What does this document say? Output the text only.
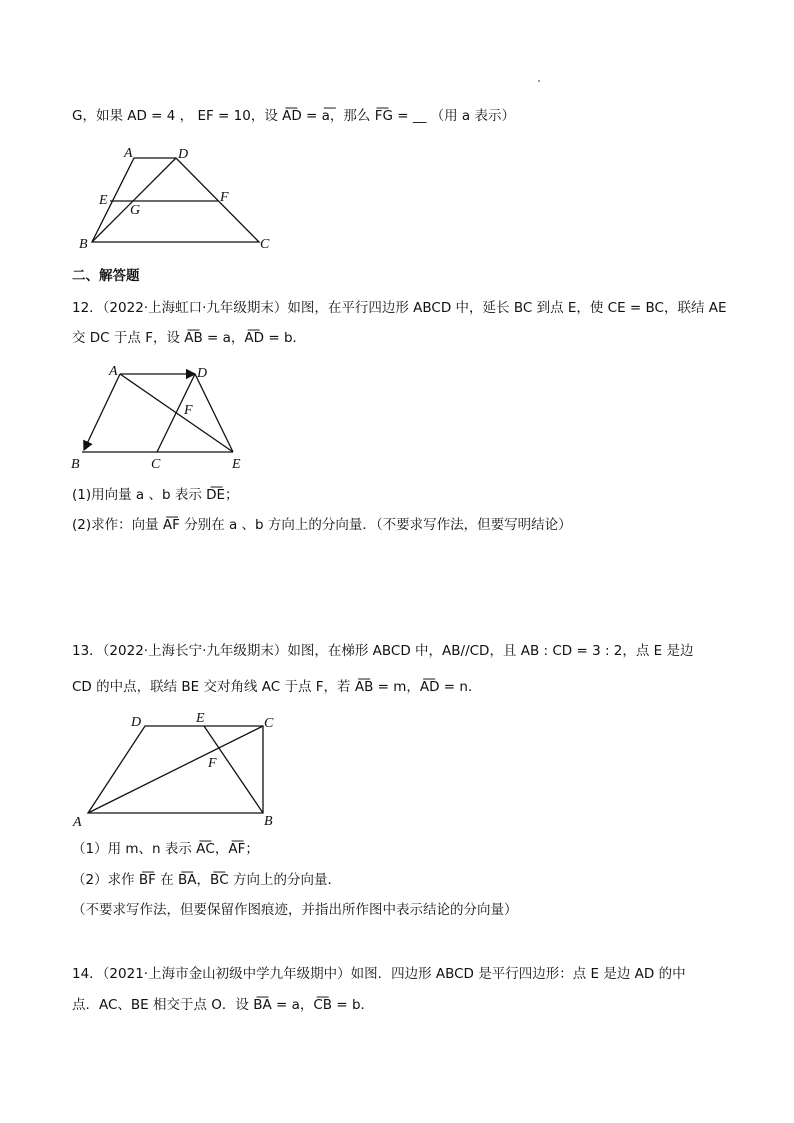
G，如果 AD = 4 ， EF = 10，设 A͞D = a͞，那么 F͞G = __ （用 a 表示）
A	D
E	F
G
B	C
二、解答题
12．（2022·上海虹口·九年级期末）如图，在平行四边形 ABCD 中，延长 BC 到点 E，使 CE = BC，联结 AE
交 DC 于点 F，设 A͞B = a，A͞D = b．
A	D
F
B	C	E
(1)用向量 a 、b 表示 D͞E；
(2)求作：向量 A͞F 分别在 a 、b 方向上的分向量．（不要求写作法，但要写明结论）
13．（2022·上海长宁·九年级期末）如图，在梯形 ABCD 中，AB//CD，且 AB : CD = 3 : 2，点 E 是边
CD 的中点，联结 BE 交对角线 AC 于点 F，若 A͞B = m，A͞D = n．
D	E	C
F
A	B
（1）用 m、n 表示 A͞C，A͞F；
（2）求作 B͞F 在 B͞A，B͞C 方向上的分向量．
（不要求写作法，但要保留作图痕迹，并指出所作图中表示结论的分向量）
14．（2021·上海市金山初级中学九年级期中）如图．四边形 ABCD 是平行四边形：点 E 是边 AD 的中
点．AC、BE 相交于点 O．设 B͞A = a，C͞B = b．
